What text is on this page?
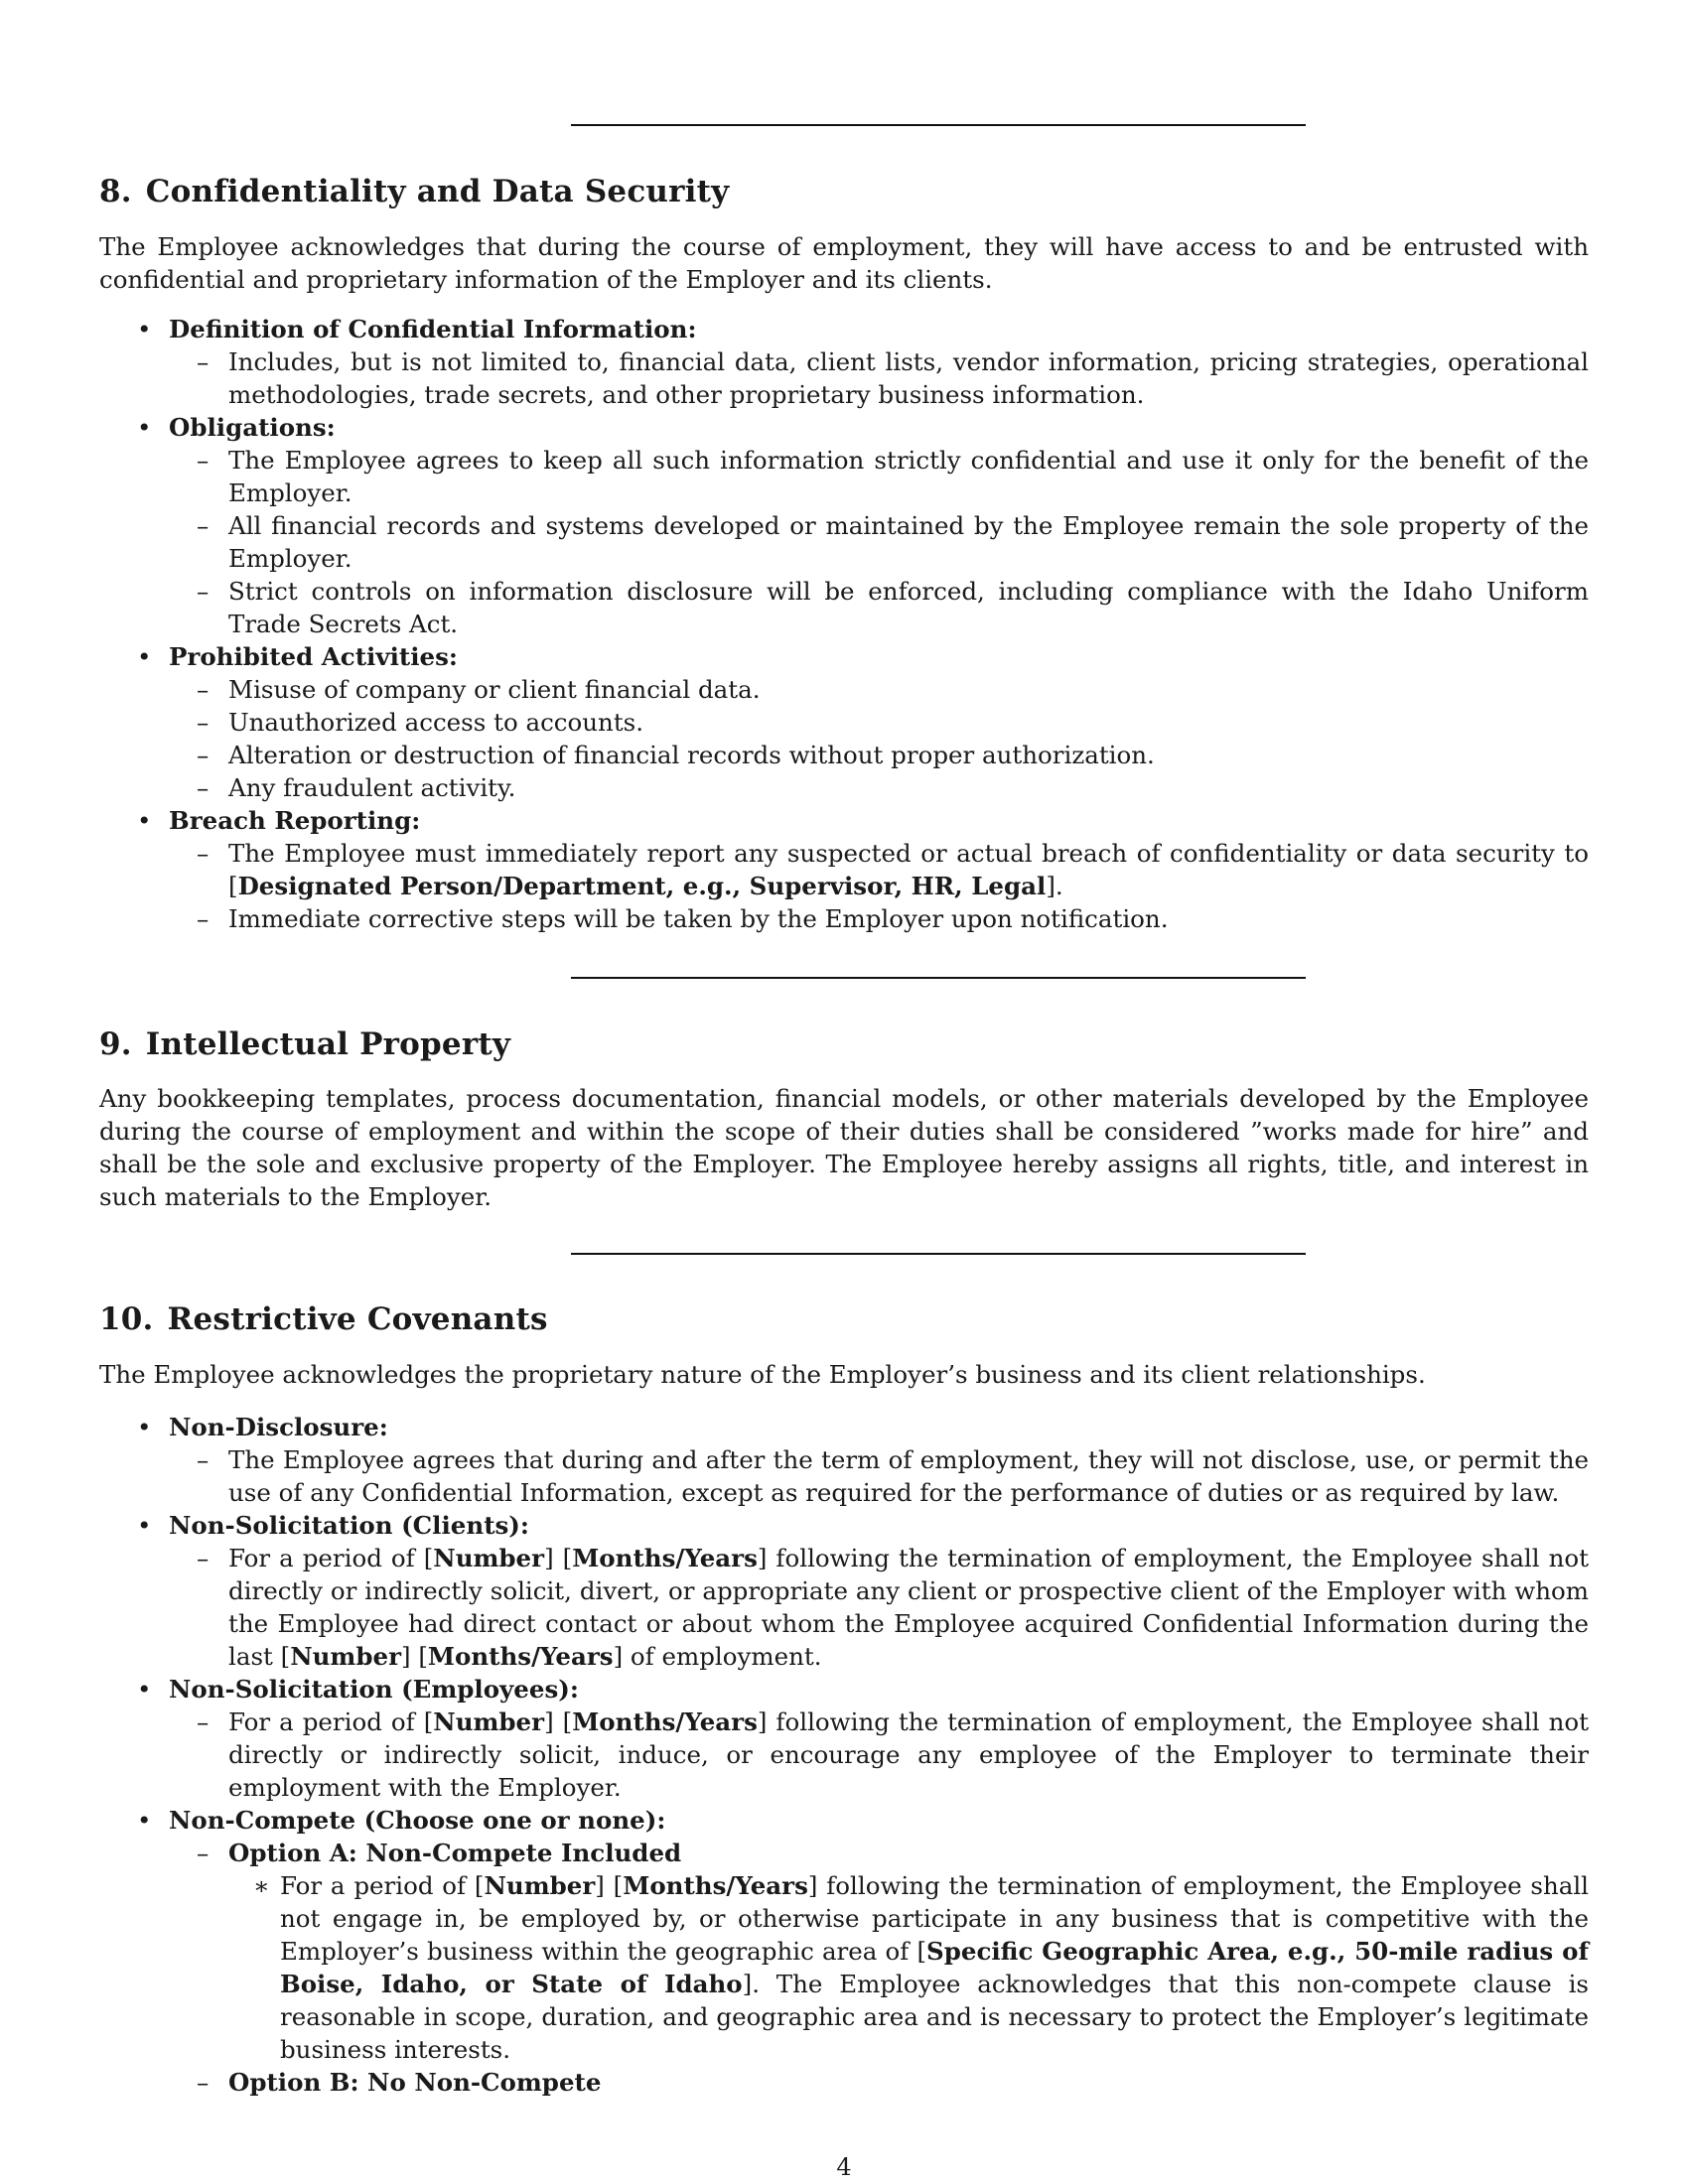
8. Confidentiality and Data Security

The Employee acknowledges that during the course of employment, they will have access to and be entrusted with confidential and proprietary information of the Employer and its clients.

• Definition of Confidential Information:
– Includes, but is not limited to, financial data, client lists, vendor information, pricing strategies, operational methodologies, trade secrets, and other proprietary business information.
• Obligations:
– The Employee agrees to keep all such information strictly confidential and use it only for the benefit of the Employer.
– All financial records and systems developed or maintained by the Employee remain the sole property of the Employer.
– Strict controls on information disclosure will be enforced, including compliance with the Idaho Uniform Trade Secrets Act.
• Prohibited Activities:
– Misuse of company or client financial data.
– Unauthorized access to accounts.
– Alteration or destruction of financial records without proper authorization.
– Any fraudulent activity.
• Breach Reporting:
– The Employee must immediately report any suspected or actual breach of confidentiality or data security to [Designated Person/Department, e.g., Supervisor, HR, Legal].
– Immediate corrective steps will be taken by the Employer upon notification.
9. Intellectual Property

Any bookkeeping templates, process documentation, financial models, or other materials developed by the Employee during the course of employment and within the scope of their duties shall be considered ”works made for hire” and shall be the sole and exclusive property of the Employer. The Employee hereby assigns all rights, title, and interest in such materials to the Employer.

10. Restrictive Covenants

The Employee acknowledges the proprietary nature of the Employer’s business and its client relationships.

• Non-Disclosure:
– The Employee agrees that during and after the term of employment, they will not disclose, use, or permit the use of any Confidential Information, except as required for the performance of duties or as required by law.
• Non-Solicitation (Clients):
– For a period of [Number] [Months/Years] following the termination of employment, the Employee shall not directly or indirectly solicit, divert, or appropriate any client or prospective client of the Employer with whom the Employee had direct contact or about whom the Employee acquired Confidential Information during the last [Number] [Months/Years] of employment.
• Non-Solicitation (Employees):
– For a period of [Number] [Months/Years] following the termination of employment, the Employee shall not directly or indirectly solicit, induce, or encourage any employee of the Employer to terminate their employment with the Employer.
• Non-Compete (Choose one or none):
– Option A: Non-Compete Included
∗ For a period of [Number] [Months/Years] following the termination of employment, the Employee shall not engage in, be employed by, or otherwise participate in any business that is competitive with the Employer’s business within the geographic area of [Specific Geographic Area, e.g., 50-mile radius of Boise, Idaho, or State of Idaho]. The Employee acknowledges that this non-compete clause is reasonable in scope, duration, and geographic area and is necessary to protect the Employer’s legitimate business interests.
– Option B: No Non-Compete
4
